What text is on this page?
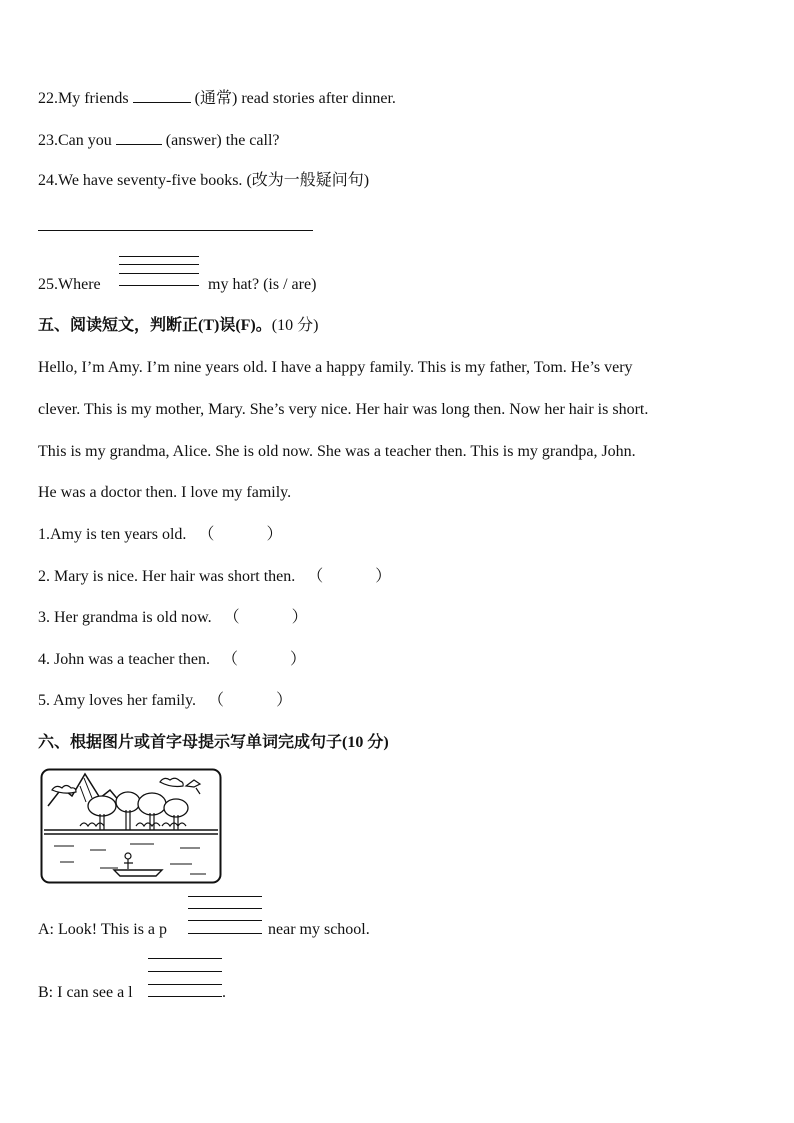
22.My friends	(通常) read stories after dinner.
23.Can you	(answer) the call?
24.We have seventy-five books. (改为一般疑问句)
25.Where	my hat? (is / are)
五、阅读短文，判断正(T)误(F)。(10 分)
Hello, I’m Amy. I’m nine years old. I have a happy family. This is my father, Tom. He’s very
clever. This is my mother, Mary. She’s very nice. Her hair was long then. Now her hair is short.
This is my grandma, Alice. She is old now. She was a teacher then. This is my grandpa, John.
He was a doctor then. I love my family.
1.Amy is ten years old. （	）
2. Mary is nice. Her hair was short then. （	）
3. Her grandma is old now. （	）
4. John was a teacher then. （	）
5. Amy loves her family. （	）
六、根据图片或首字母提示写单词完成句子(10 分)
A: Look! This is a p	near my school.
B: I can see a l	.
